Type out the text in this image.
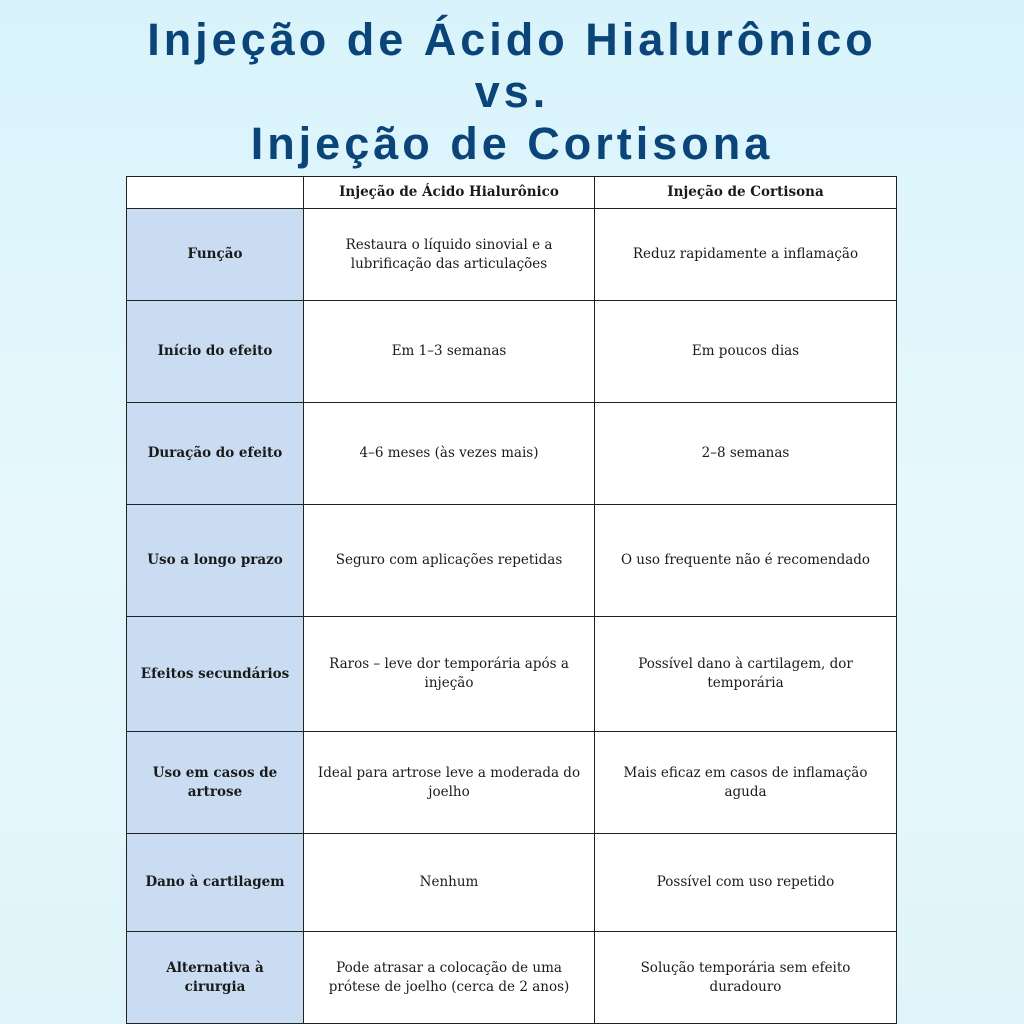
Injeção de Ácido Hialurônico
vs.
Injeção de Cortisona
	Injeção de Ácido Hialurônico	Injeção de Cortisona
Função	Restaura o líquido sinovial e a lubrificação das articulações	Reduz rapidamente a inflamação
Início do efeito	Em 1–3 semanas	Em poucos dias
Duração do efeito	4–6 meses (às vezes mais)	2–8 semanas
Uso a longo prazo	Seguro com aplicações repetidas	O uso frequente não é recomendado
Efeitos secundários	Raros – leve dor temporária após a injeção	Possível dano à cartilagem, dor temporária
Uso em casos de artrose	Ideal para artrose leve a moderada do joelho	Mais eficaz em casos de inflamação aguda
Dano à cartilagem	Nenhum	Possível com uso repetido
Alternativa à cirurgia	Pode atrasar a colocação de uma prótese de joelho (cerca de 2 anos)	Solução temporária sem efeito duradouro
